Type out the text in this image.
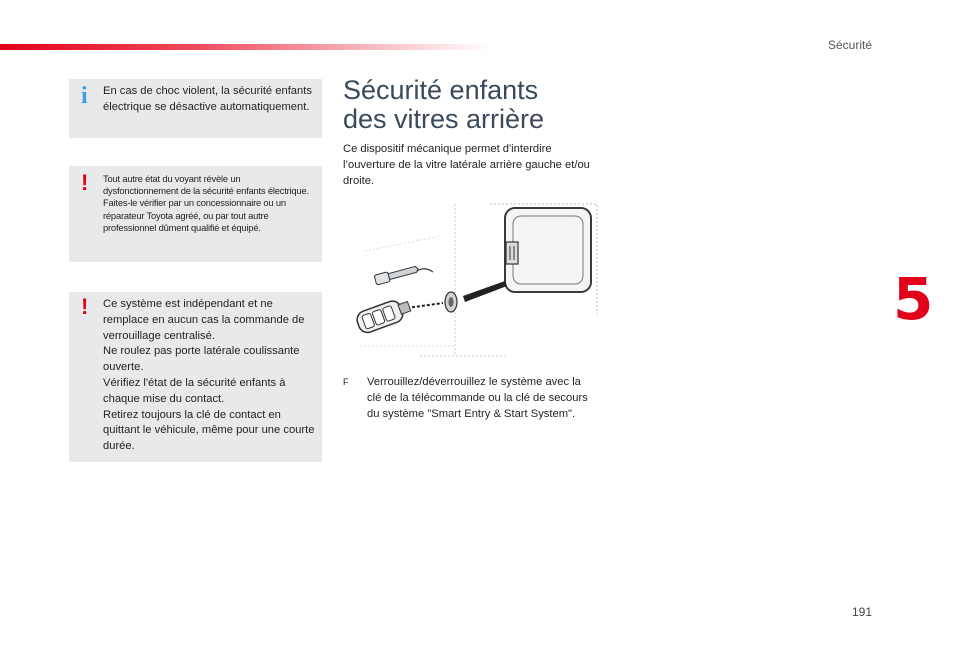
Sécurité
5
191
i En cas de choc violent, la sécurité enfants électrique se désactive automatiquement.

! Tout autre état du voyant révèle un dysfonctionnement de la sécurité enfants électrique.

Faites-le vérifier par un concessionnaire ou un réparateur Toyota agréé, ou par tout autre professionnel dûment qualifié et équipé.

! Ce système est indépendant et ne remplace en aucun cas la commande de verrouillage centralisé.

Ne roulez pas porte latérale coulissante ouverte.

Vérifiez l'état de la sécurité enfants à chaque mise du contact.

Retirez toujours la clé de contact en quittant le véhicule, même pour une courte durée.

Sécurité enfants
des vitres arrière

Ce dispositif mécanique permet d'interdire l’ouverture de la vitre latérale arrière gauche et/ou droite.

F Verrouillez/déverrouillez le système avec la clé de la télécommande ou la clé de secours du système "Smart Entry & Start System".
